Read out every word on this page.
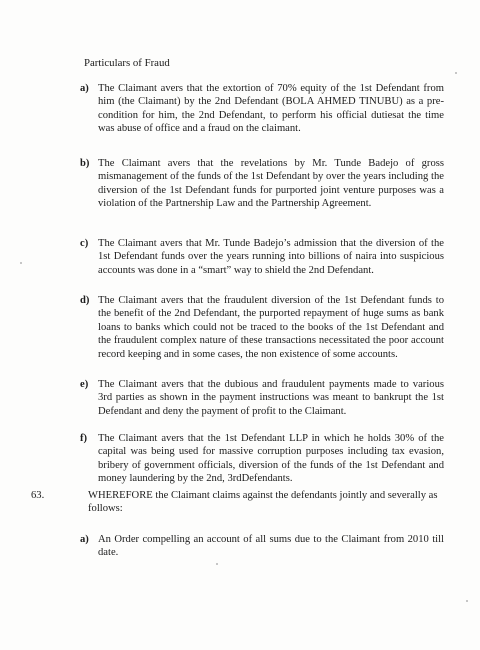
Particulars of Fraud
a) The Claimant avers that the extortion of 70% equity of the 1st Defendant from him (the Claimant) by the 2nd Defendant (BOLA AHMED TINUBU) as a pre-condition for him, the 2nd Defendant, to perform his official dutiesat the time was abuse of office and a fraud on the claimant.
b) The Claimant avers that the revelations by Mr. Tunde Badejo of gross mismanagement of the funds of the 1st Defendant by over the years including the diversion of the 1st Defendant funds for purported joint venture purposes was a violation of the Partnership Law and the Partnership Agreement.
c) The Claimant avers that Mr. Tunde Badejo’s admission that the diversion of the 1st Defendant funds over the years running into billions of naira into suspicious accounts was done in a “smart” way to shield the 2nd Defendant.
d) The Claimant avers that the fraudulent diversion of the 1st Defendant funds to the benefit of the 2nd Defendant, the purported repayment of huge sums as bank loans to banks which could not be traced to the books of the 1st Defendant and the fraudulent complex nature of these transactions necessitated the poor account record keeping and in some cases, the non existence of some accounts.
e) The Claimant avers that the dubious and fraudulent payments made to various 3rd parties as shown in the payment instructions was meant to bankrupt the 1st Defendant and deny the payment of profit to the Claimant.
f) The Claimant avers that the 1st Defendant LLP in which he holds 30% of the capital was being used for massive corruption purposes including tax evasion, bribery of government officials, diversion of the funds of the 1st Defendant and money laundering by the 2nd, 3rdDefendants.
63.	WHEREFORE the Claimant claims against the defendants jointly and severally as follows:
a) An Order compelling an account of all sums due to the Claimant from 2010 till date.
